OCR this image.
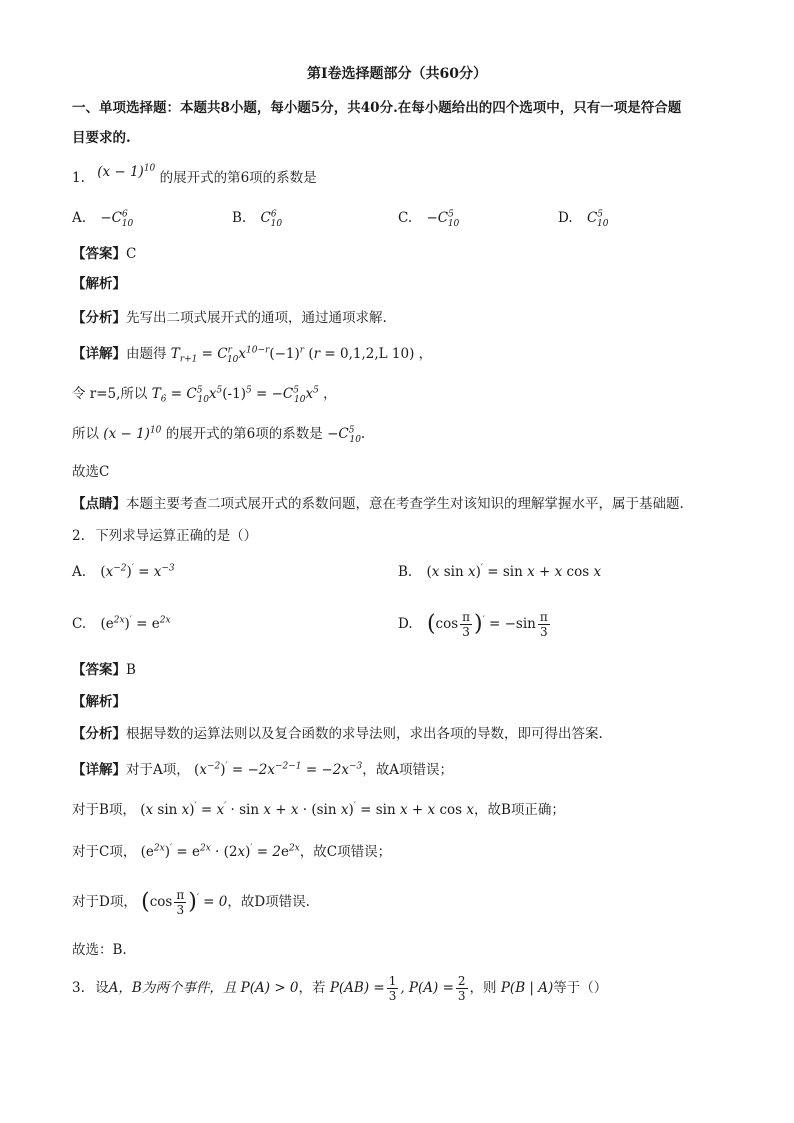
第Ⅰ卷选择题部分（共60分）
一、单项选择题：本题共8小题，每小题5分，共40分.在每小题给出的四个选项中，只有一项是符合题
目要求的.
1. $(x - 1)^{10}$ 的展开式的第6项的系数是
A. $-C^6_{10}$	B. $C^6_{10}$	C. $-C^5_{10}$	D. $C^5_{10}$
【答案】C
【解析】
【分析】先写出二项式展开式的通项，通过通项求解.
【详解】由题得 $T_{r+1} = C^r_{10}x^{10-r}(-1)^r$ (r = 0,1,2,L 10) ，
令 r=5,所以 $T_6 = C^5_{10}x^5(-1)^5 = -C^5_{10}x^5$ ，
所以 $(x - 1)^{10}$ 的展开式的第6项的系数是 $-C^5_{10}$.
故选C
【点睛】本题主要考查二项式展开式的系数问题，意在考查学生对该知识的理解掌握水平，属于基础题.
2. 下列求导运算正确的是（）
A. $(x^{-2})' = x^{-3}$	B. (x sin x)′ = sin x + x cos x
C. $(e^{2x})' = e^{2x}$	D. $(\cos \frac{\pi}{3} )' = -\sin \frac{\pi}{3}$
【答案】B
【解析】
【分析】根据导数的运算法则以及复合函数的求导法则，求出各项的导数，即可得出答案.
【详解】对于A项， $(x^{-2})' = -2x^{-2-1} = -2x^{-3}$，故A项错误；
对于B项， (x sin x)′ = x′ · sin x + x · (sin x)′ = sin x + x cos x，故B项正确；
对于C项， $(e^{2x})' = e^{2x} \cdot (2x)' = 2e^{2x}$，故C项错误；
对于D项， $(\cos \frac{\pi}{3} )' = 0$，故D项错误.
故选：B.
3. 设A，B为两个事件，且 P(A) > 0，若 $P(AB) = \frac{1}{3}$ , $P(A) = \frac{2}{3}$ ，则 P(B | A)等于（）
